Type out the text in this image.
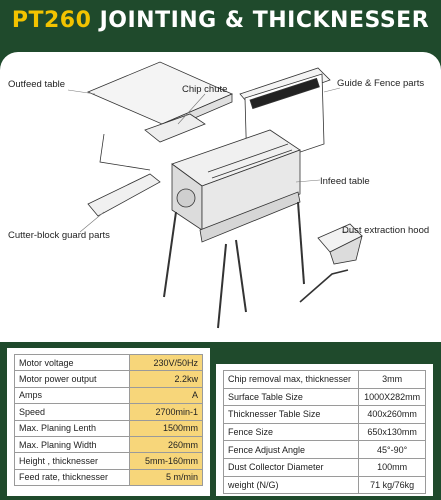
PT260 JOINTING & THICKNESSER
Outfeed table	Chip chute
Guide & Fence parts
Infeed table
Cutter-block guard parts	Dust extraction hood
Motor voltage	230V/50Hz
Motor power output	2.2kw
Amps	A
Speed	2700min-1
Max. Planing Lenth	1500mm
Max. Planing Width	260mm
Height , thicknesser	5mm-160mm
Feed rate, thicknesser	5 m/min
Chip removal max, thicknesser	3mm
Surface Table Size	1000X282mm
Thicknesser Table Size	400x260mm
Fence Size	650x130mm
Fence Adjust Angle	45°-90°
Dust Collector Diameter	100mm
weight (N/G)	71 kg/76kg
